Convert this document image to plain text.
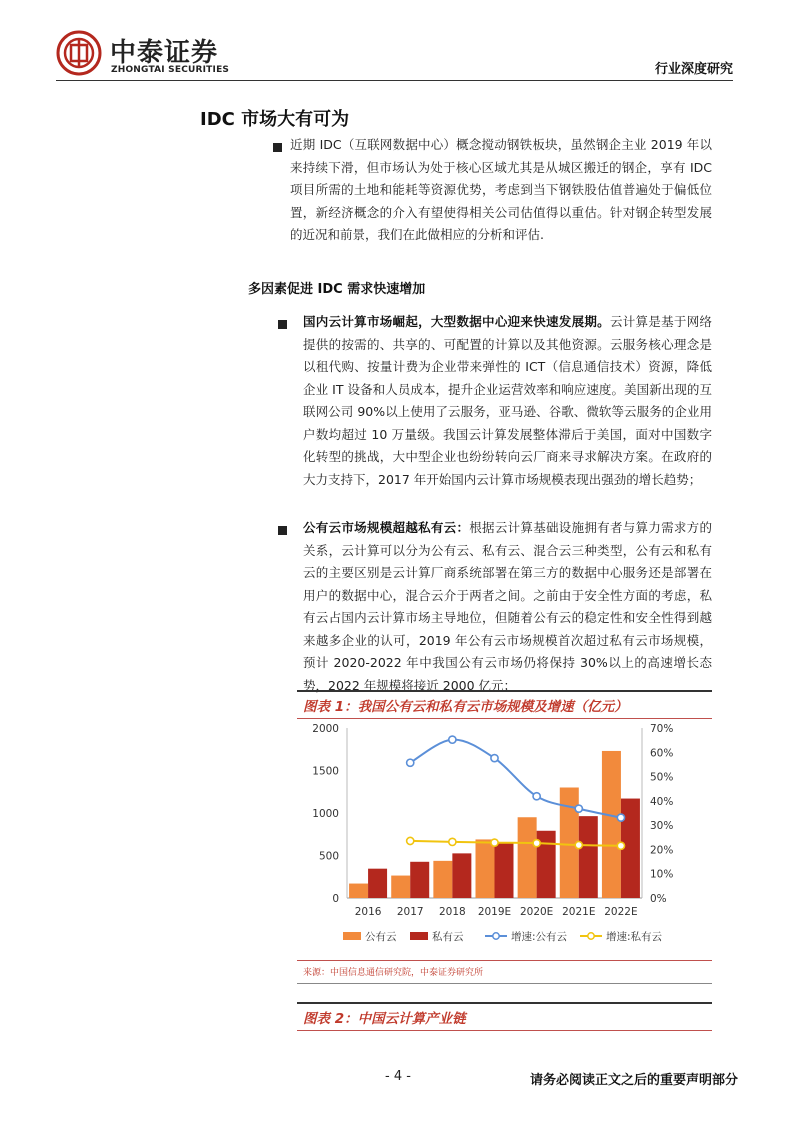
中泰证券
ZHONGTAI SECURITIES	行业深度研究
IDC 市场大有可为
近期 IDC（互联网数据中心）概念搅动钢铁板块，虽然钢企主业 2019 年以来持续下滑，但市场认为处于核心区域尤其是从城区搬迁的钢企，享有 IDC 项目所需的土地和能耗等资源优势，考虑到当下钢铁股估值普遍处于偏低位置，新经济概念的介入有望使得相关公司估值得以重估。针对钢企转型发展的近况和前景，我们在此做相应的分析和评估.
多因素促进 IDC 需求快速增加
国内云计算市场崛起，大型数据中心迎来快速发展期。云计算是基于网络提供的按需的、共享的、可配置的计算以及其他资源。云服务核心理念是以租代购、按量计费为企业带来弹性的 ICT（信息通信技术）资源，降低企业 IT 设备和人员成本，提升企业运营效率和响应速度。美国新出现的互联网公司 90%以上使用了云服务，亚马逊、谷歌、微软等云服务的企业用户数均超过 10 万量级。我国云计算发展整体滞后于美国，面对中国数字化转型的挑战，大中型企业也纷纷转向云厂商来寻求解决方案。在政府的大力支持下，2017 年开始国内云计算市场规模表现出强劲的增长趋势；
公有云市场规模超越私有云：根据云计算基础设施拥有者与算力需求方的关系，云计算可以分为公有云、私有云、混合云三种类型，公有云和私有云的主要区别是云计算厂商系统部署在第三方的数据中心服务还是部署在用户的数据中心，混合云介于两者之间。之前由于安全性方面的考虑，私有云占国内云计算市场主导地位，但随着公有云的稳定性和安全性得到越来越多企业的认可，2019 年公有云市场规模首次超过私有云市场规模，预计 2020-2022 年中我国公有云市场仍将保持 30%以上的高速增长态势，2022 年规模将接近 2000 亿元；
图表 1：我国公有云和私有云市场规模及增速（亿元）
0
500
1000
1500
2000
0%
10%
20%
30%
40%
50%
60%
70%
2016 2017 2018 2019E 2020E 2021E 2022E
公有云	私有云	增速:公有云	增速:私有云
来源：中国信息通信研究院，中泰证券研究所
图表 2：中国云计算产业链
- 4 -	请务必阅读正文之后的重要声明部分
